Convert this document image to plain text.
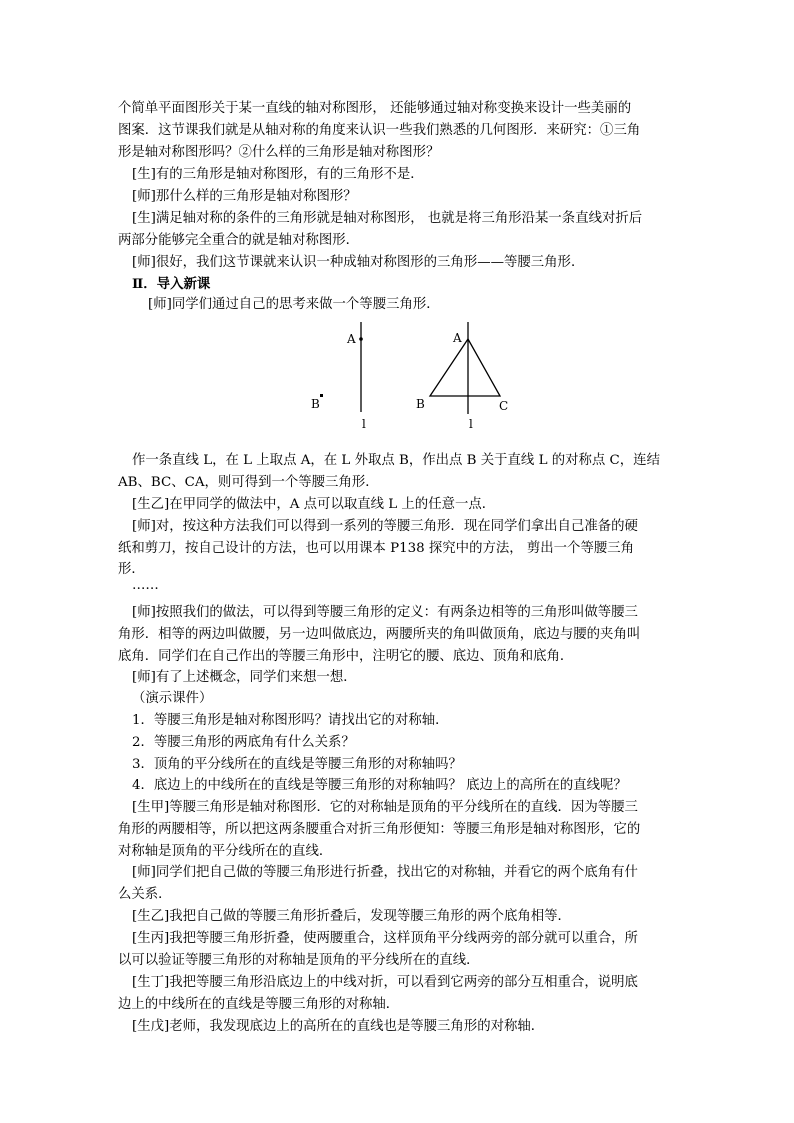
个简单平面图形关于某一直线的轴对称图形， 还能够通过轴对称变换来设计一些美丽的

图案．这节课我们就是从轴对称的角度来认识一些我们熟悉的几何图形．来研究：①三角

形是轴对称图形吗？②什么样的三角形是轴对称图形？

[生]有的三角形是轴对称图形，有的三角形不是．

[师]那什么样的三角形是轴对称图形？

[生]满足轴对称的条件的三角形就是轴对称图形， 也就是将三角形沿某一条直线对折后

两部分能够完全重合的就是轴对称图形．

[师]很好，我们这节课就来认识一种成轴对称图形的三角形——等腰三角形．

Ⅱ．导入新课

[师]同学们通过自己的思考来做一个等腰三角形．

A
B
l
A
B	C
l

作一条直线 L，在 L 上取点 A，在 L 外取点 B，作出点 B 关于直线 L 的对称点 C，连结

AB、BC、CA，则可得到一个等腰三角形．

[生乙]在甲同学的做法中，A 点可以取直线 L 上的任意一点．

[师]对，按这种方法我们可以得到一系列的等腰三角形．现在同学们拿出自己准备的硬

纸和剪刀，按自己设计的方法，也可以用课本 P138 探究中的方法， 剪出一个等腰三角

形．

……

[师]按照我们的做法，可以得到等腰三角形的定义：有两条边相等的三角形叫做等腰三

角形．相等的两边叫做腰，另一边叫做底边，两腰所夹的角叫做顶角，底边与腰的夹角叫

底角．同学们在自己作出的等腰三角形中，注明它的腰、底边、顶角和底角．

[师]有了上述概念，同学们来想一想．

（演示课件）

1．等腰三角形是轴对称图形吗？请找出它的对称轴．

2．等腰三角形的两底角有什么关系？

3．顶角的平分线所在的直线是等腰三角形的对称轴吗？

4．底边上的中线所在的直线是等腰三角形的对称轴吗？ 底边上的高所在的直线呢？

[生甲]等腰三角形是轴对称图形．它的对称轴是顶角的平分线所在的直线．因为等腰三

角形的两腰相等，所以把这两条腰重合对折三角形便知：等腰三角形是轴对称图形，它的

对称轴是顶角的平分线所在的直线．

[师]同学们把自己做的等腰三角形进行折叠，找出它的对称轴，并看它的两个底角有什

么关系．

[生乙]我把自己做的等腰三角形折叠后，发现等腰三角形的两个底角相等．

[生丙]我把等腰三角形折叠，使两腰重合，这样顶角平分线两旁的部分就可以重合，所

以可以验证等腰三角形的对称轴是顶角的平分线所在的直线．

[生丁]我把等腰三角形沿底边上的中线对折，可以看到它两旁的部分互相重合，说明底

边上的中线所在的直线是等腰三角形的对称轴．

[生戊]老师，我发现底边上的高所在的直线也是等腰三角形的对称轴．
